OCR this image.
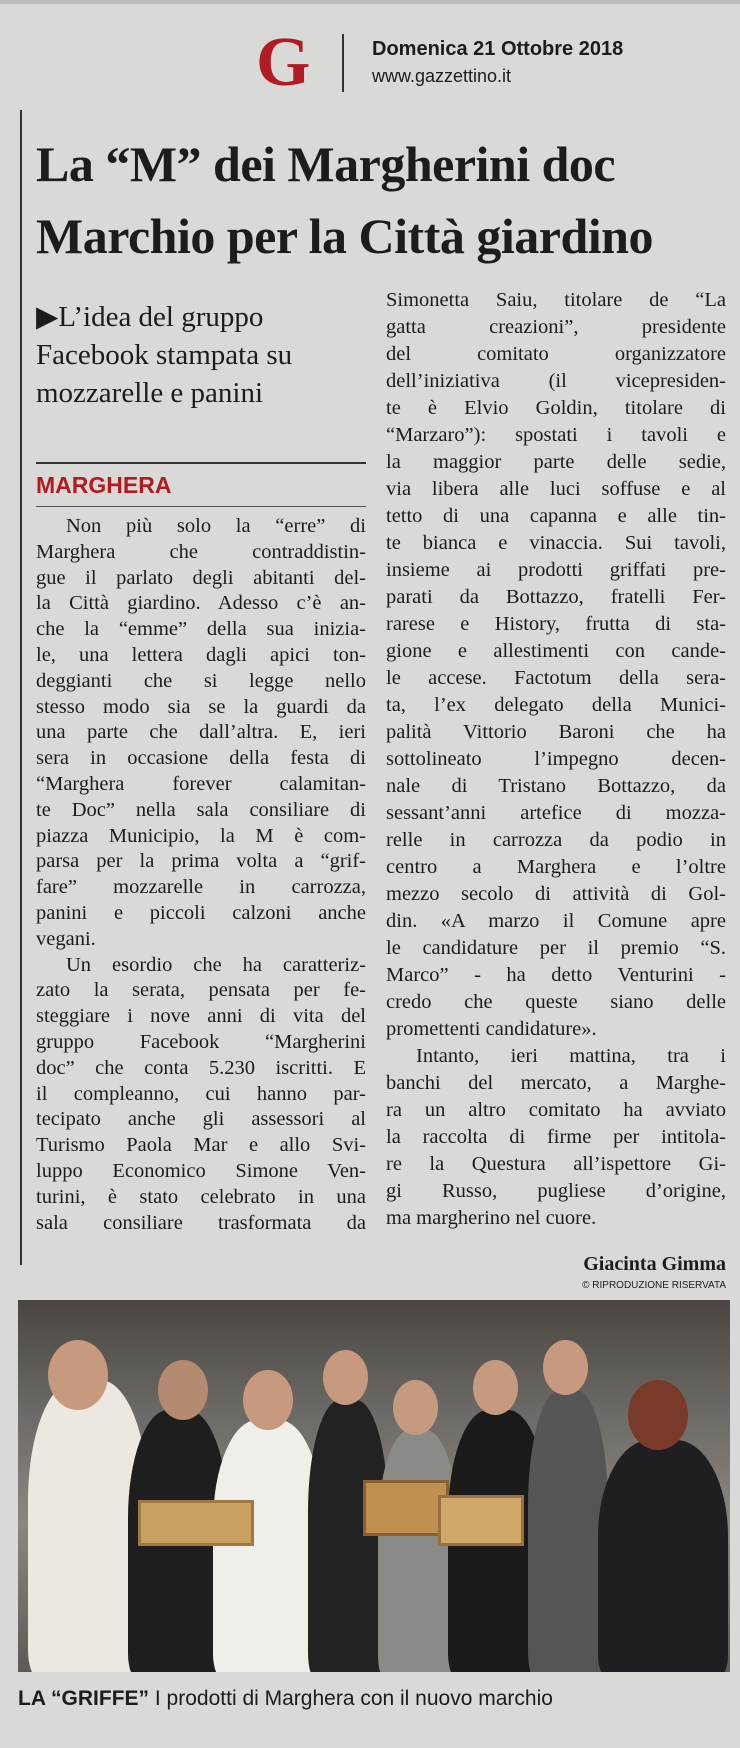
G	Domenica 21 Ottobre 2018
www.gazzettino.it
La “M” dei Margherini doc
Marchio per la Città giardino
▶L’idea del gruppo Facebook stampata su mozzarelle e panini
MARGHERA
Non più solo la “erre” di
Marghera che contraddistin-
gue il parlato degli abitanti del-
la Città giardino. Adesso c’è an-
che la “emme” della sua inizia-
le, una lettera dagli apici ton-
deggianti che si legge nello
stesso modo sia se la guardi da
una parte che dall’altra. E, ieri
sera in occasione della festa di
“Marghera forever calamitan-
te Doc” nella sala consiliare di
piazza Municipio, la M è com-
parsa per la prima volta a “grif-
fare” mozzarelle in carrozza,
panini e piccoli calzoni anche
vegani.
Un esordio che ha caratteriz-
zato la serata, pensata per fe-
steggiare i nove anni di vita del
gruppo Facebook “Margherini
doc” che conta 5.230 iscritti. E
il compleanno, cui hanno par-
tecipato anche gli assessori al
Turismo Paola Mar e allo Svi-
luppo Economico Simone Ven-
turini, è stato celebrato in una
sala consiliare trasformata da
Simonetta Saiu, titolare de “La
gatta creazioni”, presidente
del comitato organizzatore
dell’iniziativa (il vicepresiden-
te è Elvio Goldin, titolare di
“Marzaro”): spostati i tavoli e
la maggior parte delle sedie,
via libera alle luci soffuse e al
tetto di una capanna e alle tin-
te bianca e vinaccia. Sui tavoli,
insieme ai prodotti griffati pre-
parati da Bottazzo, fratelli Fer-
rarese e History, frutta di sta-
gione e allestimenti con cande-
le accese. Factotum della sera-
ta, l’ex delegato della Munici-
palità Vittorio Baroni che ha
sottolineato l’impegno decen-
nale di Tristano Bottazzo, da
sessant’anni artefice di mozza-
relle in carrozza da podio in
centro a Marghera e l’oltre
mezzo secolo di attività di Gol-
din. «A marzo il Comune apre
le candidature per il premio “S.
Marco” - ha detto Venturini -
credo che queste siano delle
promettenti candidature».
Intanto, ieri mattina, tra i
banchi del mercato, a Marghe-
ra un altro comitato ha avviato
la raccolta di firme per intitola-
re la Questura all’ispettore Gi-
gi Russo, pugliese d’origine,
ma margherino nel cuore.
Giacinta Gimma
© RIPRODUZIONE RISERVATA
LA “GRIFFE” I prodotti di Marghera con il nuovo marchio
